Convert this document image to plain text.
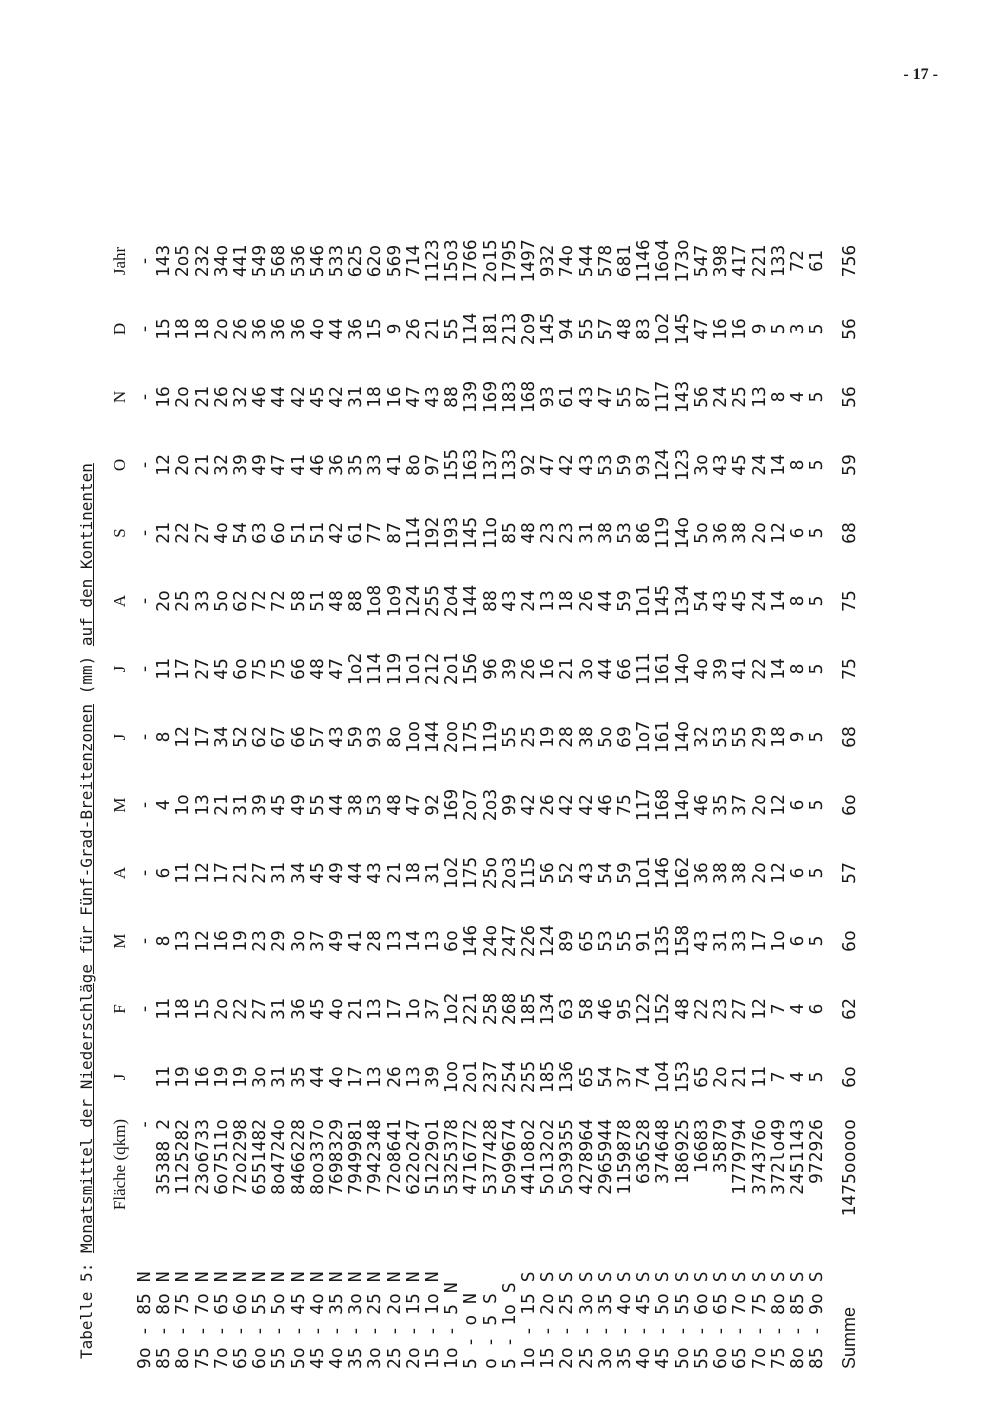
- 17 -
Tabelle 5: Monatsmittel der Niederschläge für Fünf-Grad-Breitenzonen (mm) auf den Kontinenten
	Fläche (qkm)	J	F	M	A	M	J	J	A	S	O	N	D	Jahr
9o - 85 N	-		-	-	-	-	-	-	-	-	-	-	-	-
85 - 8o N	35388 2	11	11	8	6	4	8	11	2o	21	12	16	15	143
8o - 75 N	1125282	19	18	13	11	1o	12	17	25	22	2o	2o	18	2o5
75 - 7o N	23o6733	16	15	12	12	13	17	27	33	27	21	21	18	232
7o - 65 N	6o7511o	19	2o	16	17	21	34	45	5o	4o	32	26	2o	34o
65 - 6o N	72o2298	19	22	19	21	31	52	6o	62	54	39	32	26	441
6o - 55 N	6551482	3o	27	23	27	39	62	75	72	63	49	46	36	549
55 - 5o N	8o4724o	31	31	29	31	45	67	75	72	6o	47	44	36	568
5o - 45 N	8466228	35	36	3o	34	49	66	66	58	51	41	42	36	536
45 - 4o N	8oo337o	44	45	37	45	55	57	48	51	51	46	45	4o	546
4o - 35 N	7698329	4o	4o	49	49	44	43	47	48	42	36	42	44	533
35 - 3o N	7949981	17	21	41	44	38	59	1o2	88	61	35	31	36	625
3o - 25 N	7942348	13	13	28	43	53	93	114	1o8	77	33	18	15	62o
25 - 2o N	72o8641	26	17	13	21	48	8o	119	1o9	87	41	16	9	569
2o - 15 N	622o247	13	1o	14	18	47	1oo	1o1	124	114	8o	47	26	714
15 - 1o N	51229o1	39	37	13	31	92	144	212	255	192	97	43	21	1123
1o - 5 N	5325378	1oo	1o2	6o	1o2	169	2oo	2o1	2o4	193	155	88	55	15o3
5 - o N	4716772	2o1	221	146	175	2o7	175	156	144	145	163	139	114	1766
o - 5 S	5377428	237	258	24o	25o	2o3	119	96	88	11o	137	169	181	2o15
5 - 1o S	5o99674	254	268	247	2o3	99	55	39	43	85	133	183	213	1795
1o - 15 S	441o8o2	255	185	226	115	42	25	26	24	48	92	168	2o9	1497
15 - 2o S	5o132o2	185	134	124	56	26	19	16	13	23	47	93	145	932
2o - 25 S	5o39355	136	63	89	52	42	28	21	18	23	42	61	94	74o
25 - 3o S	4278964	65	58	65	43	42	38	3o	26	31	43	43	55	544
3o - 35 S	2965944	54	46	53	54	46	5o	44	44	38	53	47	57	578
35 - 4o S	1159878	37	95	55	59	75	69	66	59	53	59	55	48	681
4o - 45 S	636528	74	122	91	1o1	117	1o7	111	1o1	86	93	87	83	1146
45 - 5o S	374648	1o4	152	135	146	168	161	161	145	119	124	117	1o2	16o4
5o - 55 S	186925	153	48	158	162	14o	14o	14o	134	14o	123	143	145	173o
55 - 6o S	16683	65	22	43	36	46	32	4o	54	5o	3o	56	47	547
6o - 65 S	35879	2o	23	31	38	35	53	39	43	36	43	24	16	398
65 - 7o S	1779794	21	27	33	38	37	55	41	45	38	45	25	16	417
7o - 75 S	374376o	11	12	17	2o	2o	29	22	24	2o	24	13	9	221
75 - 8o S	372lo49	7	7	1o	12	12	18	14	14	12	14	8	5	133
8o - 85 S	2451143	4	4	6	6	6	9	8	8	6	8	4	3	72
85 - 9o S	972926	5	6	5	5	5	5	5	5	5	5	5	5	61
Summe	1475ooooo	6o	62	6o	57	6o	68	75	75	68	59	56	56	756
